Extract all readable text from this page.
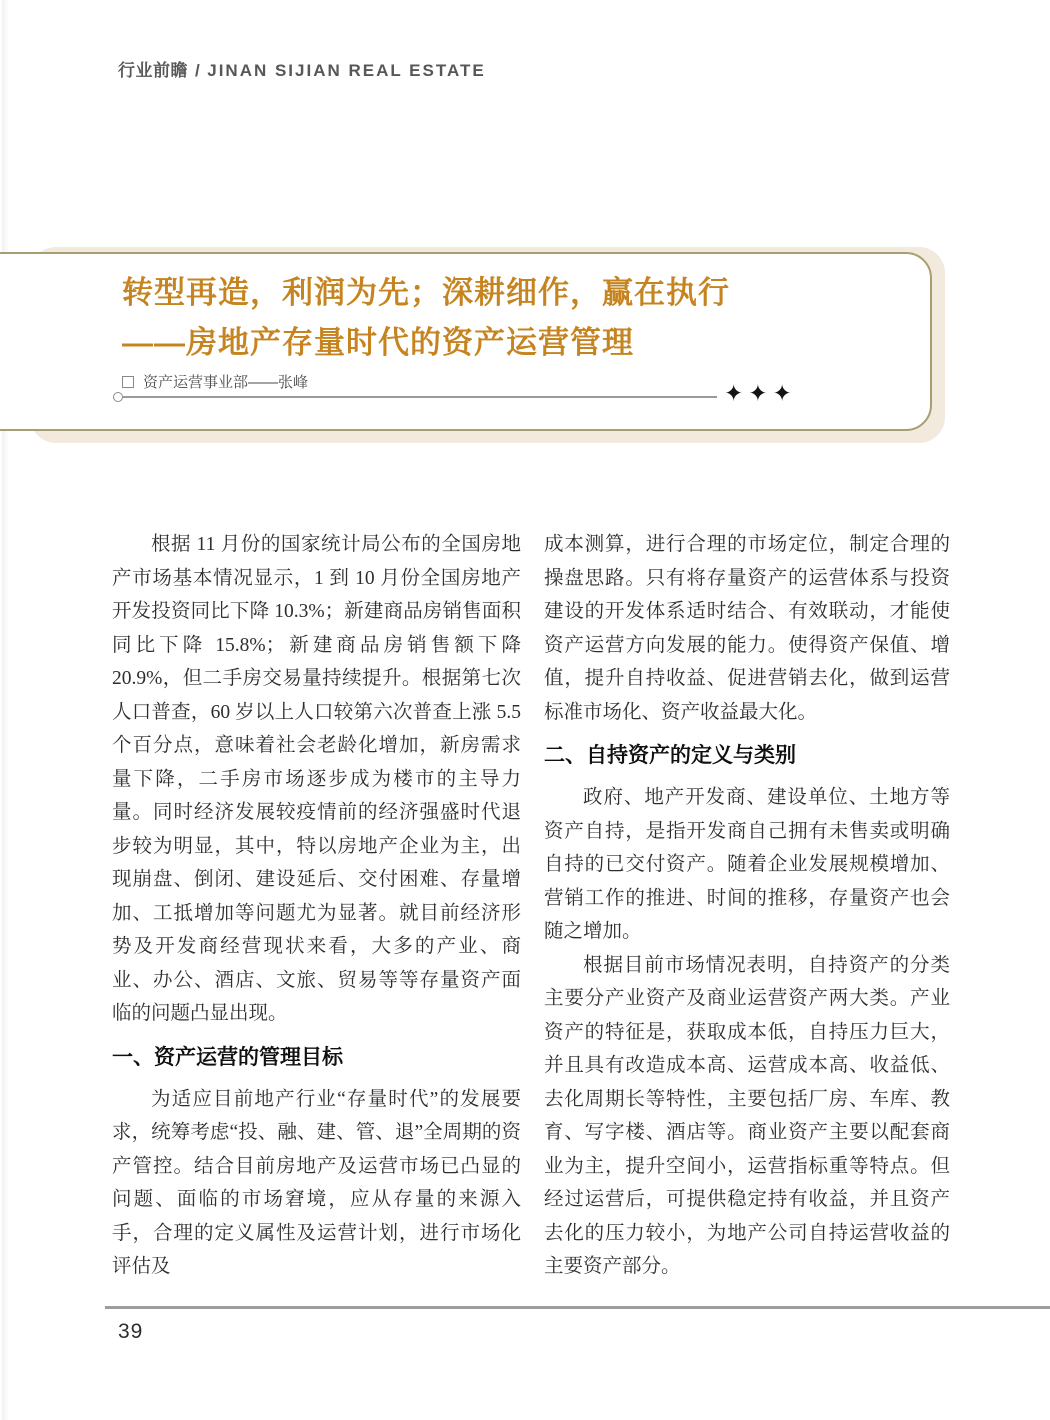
行业前瞻 / JINAN SIJIAN REAL ESTATE
转型再造，利润为先；深耕细作，赢在执行
——房地产存量时代的资产运营管理
资产运营事业部——张峰	✦✦✦

根据 11 月份的国家统计局公布的全国房地产市场基本情况显示，1 到 10 月份全国房地产开发投资同比下降 10.3%；新建商品房销售面积同比下降 15.8%；新建商品房销售额下降 20.9%，但二手房交易量持续提升。根据第七次人口普查，60 岁以上人口较第六次普查上涨 5.5 个百分点，意味着社会老龄化增加，新房需求量下降，二手房市场逐步成为楼市的主导力量。同时经济发展较疫情前的经济强盛时代退步较为明显，其中，特以房地产企业为主，出现崩盘、倒闭、建设延后、交付困难、存量增加、工抵增加等问题尤为显著。就目前经济形势及开发商经营现状来看，大多的产业、商业、办公、酒店、文旅、贸易等等存量资产面临的问题凸显出现。

一、资产运营的管理目标

为适应目前地产行业“存量时代”的发展要求，统筹考虑“投、融、建、管、退”全周期的资产管控。结合目前房地产及运营市场已凸显的问题、面临的市场窘境，应从存量的来源入手，合理的定义属性及运营计划，进行市场化评估及

成本测算，进行合理的市场定位，制定合理的操盘思路。只有将存量资产的运营体系与投资建设的开发体系适时结合、有效联动，才能使资产运营方向发展的能力。使得资产保值、增值，提升自持收益、促进营销去化，做到运营标准市场化、资产收益最大化。

二、自持资产的定义与类别

政府、地产开发商、建设单位、土地方等资产自持，是指开发商自己拥有未售卖或明确自持的已交付资产。随着企业发展规模增加、营销工作的推进、时间的推移，存量资产也会随之增加。

根据目前市场情况表明，自持资产的分类主要分产业资产及商业运营资产两大类。产业资产的特征是，获取成本低，自持压力巨大，并且具有改造成本高、运营成本高、收益低、去化周期长等特性，主要包括厂房、车库、教育、写字楼、酒店等。商业资产主要以配套商业为主，提升空间小，运营指标重等特点。但经过运营后，可提供稳定持有收益，并且资产去化的压力较小，为地产公司自持运营收益的主要资产部分。

39
